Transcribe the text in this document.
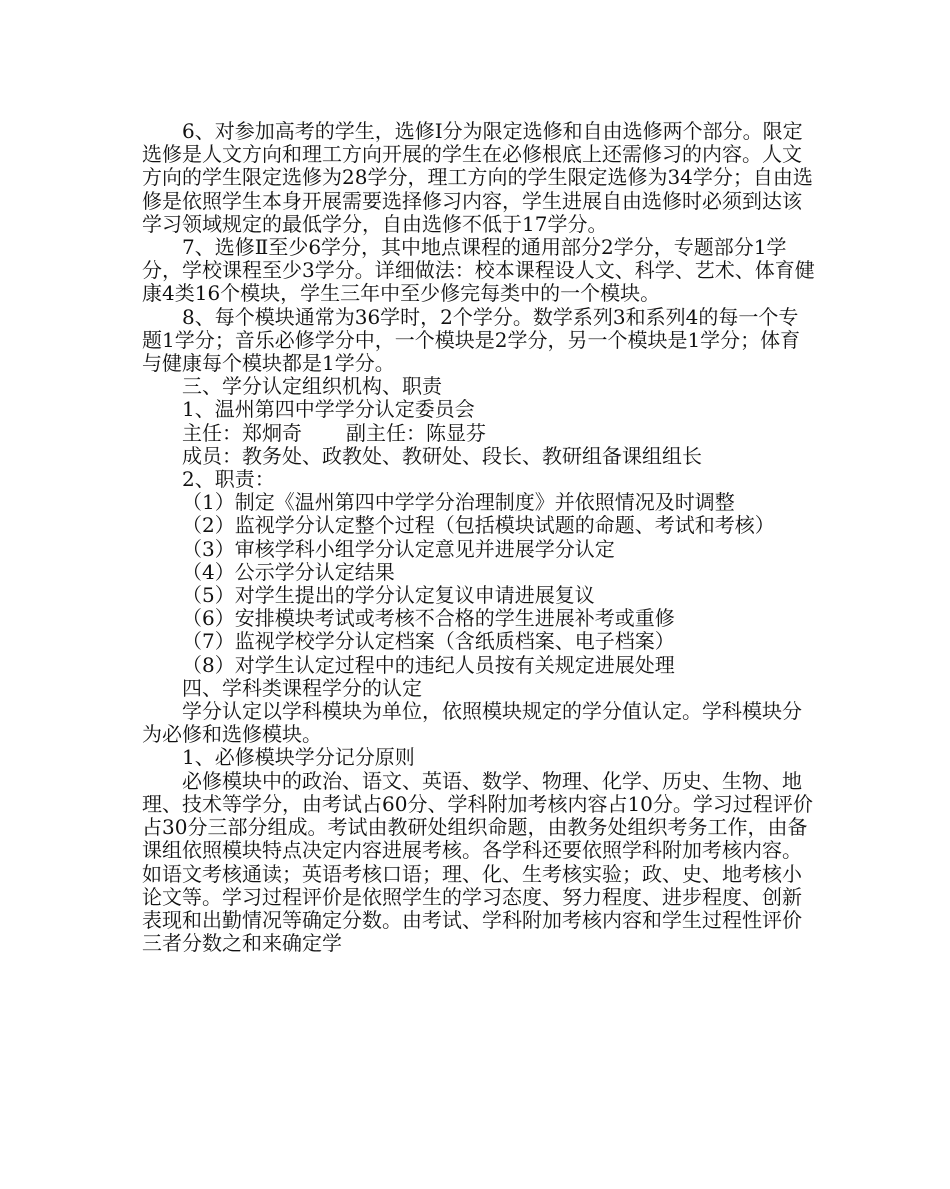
6、对参加高考的学生，选修Ⅰ分为限定选修和自由选修两个部分。限定选修是人文方向和理工方向开展的学生在必修根底上还需修习的内容。人文方向的学生限定选修为28学分，理工方向的学生限定选修为34学分；自由选修是依照学生本身开展需要选择修习内容，学生进展自由选修时必须到达该学习领域规定的最低学分，自由选修不低于17学分。

7、选修Ⅱ至少6学分，其中地点课程的通用部分2学分，专题部分1学分，学校课程至少3学分。详细做法：校本课程设人文、科学、艺术、体育健康4类16个模块，学生三年中至少修完每类中的一个模块。

8、每个模块通常为36学时，2个学分。数学系列3和系列4的每一个专题1学分；音乐必修学分中，一个模块是2学分，另一个模块是1学分；体育与健康每个模块都是1学分。

三、学分认定组织机构、职责

1、温州第四中学学分认定委员会

主任：郑炯奇 副主任：陈显芬

成员：教务处、政教处、教研处、段长、教研组备课组组长

2、职责：

（1）制定《温州第四中学学分治理制度》并依照情况及时调整

（2）监视学分认定整个过程（包括模块试题的命题、考试和考核）

（3）审核学科小组学分认定意见并进展学分认定

（4）公示学分认定结果

（5）对学生提出的学分认定复议申请进展复议

（6）安排模块考试或考核不合格的学生进展补考或重修

（7）监视学校学分认定档案（含纸质档案、电子档案）

（8）对学生认定过程中的违纪人员按有关规定进展处理

四、学科类课程学分的认定

学分认定以学科模块为单位，依照模块规定的学分值认定。学科模块分为必修和选修模块。

1、必修模块学分记分原则

必修模块中的政治、语文、英语、数学、物理、化学、历史、生物、地理、技术等学分，由考试占60分、学科附加考核内容占10分。学习过程评价占30分三部分组成。考试由教研处组织命题，由教务处组织考务工作，由备课组依照模块特点决定内容进展考核。各学科还要依照学科附加考核内容。如语文考核通读；英语考核口语；理、化、生考核实验；政、史、地考核小论文等。学习过程评价是依照学生的学习态度、努力程度、进步程度、创新表现和出勤情况等确定分数。由考试、学科附加考核内容和学生过程性评价三者分数之和来确定学
